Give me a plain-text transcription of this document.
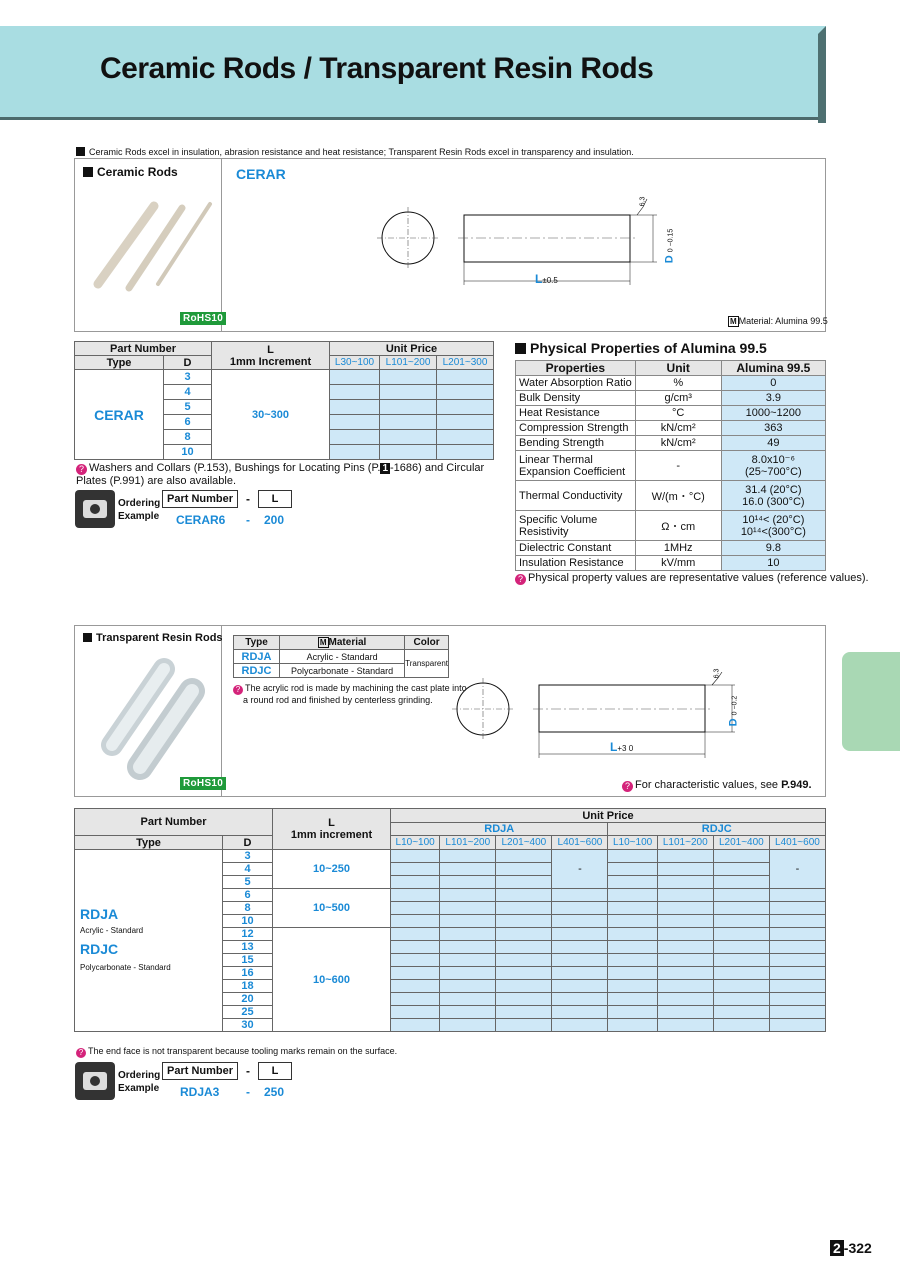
Ceramic Rods / Transparent Resin Rods
Ceramic Rods excel in insulation, abrasion resistance and heat resistance; Transparent Resin Rods excel in transparency and insulation.
Ceramic Rods
RoHS10
CERAR
6.3
D 0 −0.15
L±0.5
M Material: Alumina 99.5
Part Number		L
1mm Increment	Unit Price		
Type	D		L30~100	L101~200	L201~300
CERAR	3	30~300			
	4				
	5				
	6				
	8				
	10				
? Washers and Collars (P.153), Bushings for Locating Pins (P. 1 -1686) and Circular
Plates (P.991) are also available.
Ordering
Example
Part Number	-	L
CERAR6 - 200
Physical Properties of Alumina 99.5
Properties	Unit	Alumina 99.5
Water Absorption Ratio	%	0
Bulk Density	g/cm³	3.9
Heat Resistance	°C	1000~1200
Compression Strength	kN/cm²	363
Bending Strength	kN/cm²	49
Linear Thermal
Expansion Coefficient	-	8.0x10⁻⁶
(25~700°C)
Thermal Conductivity	W/(m・°C)	31.4 (20°C)
16.0 (300°C)
Specific Volume
Resistivity	Ω・cm	10¹⁴< (20°C)
10¹⁴<(300°C)
Dielectric Constant	1MHz	9.8
Insulation Resistance	kV/mm	10
? Physical property values are representative values (reference values).
Transparent Resin Rods
RoHS10
Type	M Material	Color
RDJA	Acrylic - Standard	Transparent
RDJC	Polycarbonate - Standard	
? The acrylic rod is made by machining the cast plate into
a round rod and finished by centerless grinding.
6.3
D 0 −0.2
L+3 0
? For characteristic values, see P.949.
Part Number		L
1mm increment	Unit Price							
			RDJA				RDJC			
Type	D		L10~100	L101~200	L201~400	L401~600	L10~100	L101~200	L201~400	L401~600
RDJA
Acrylic - Standard
RDJC
Polycarbonate - Standard	3	10~250				-				-
	4									
	5									
	6	10~500								
	8									
	10									
	12	10~600								
	13									
	15									
	16									
	18									
	20									
	25									
	30									
? The end face is not transparent because tooling marks remain on the surface.
Ordering
Example
Part Number	-	L
RDJA3 - 250
2 -322
